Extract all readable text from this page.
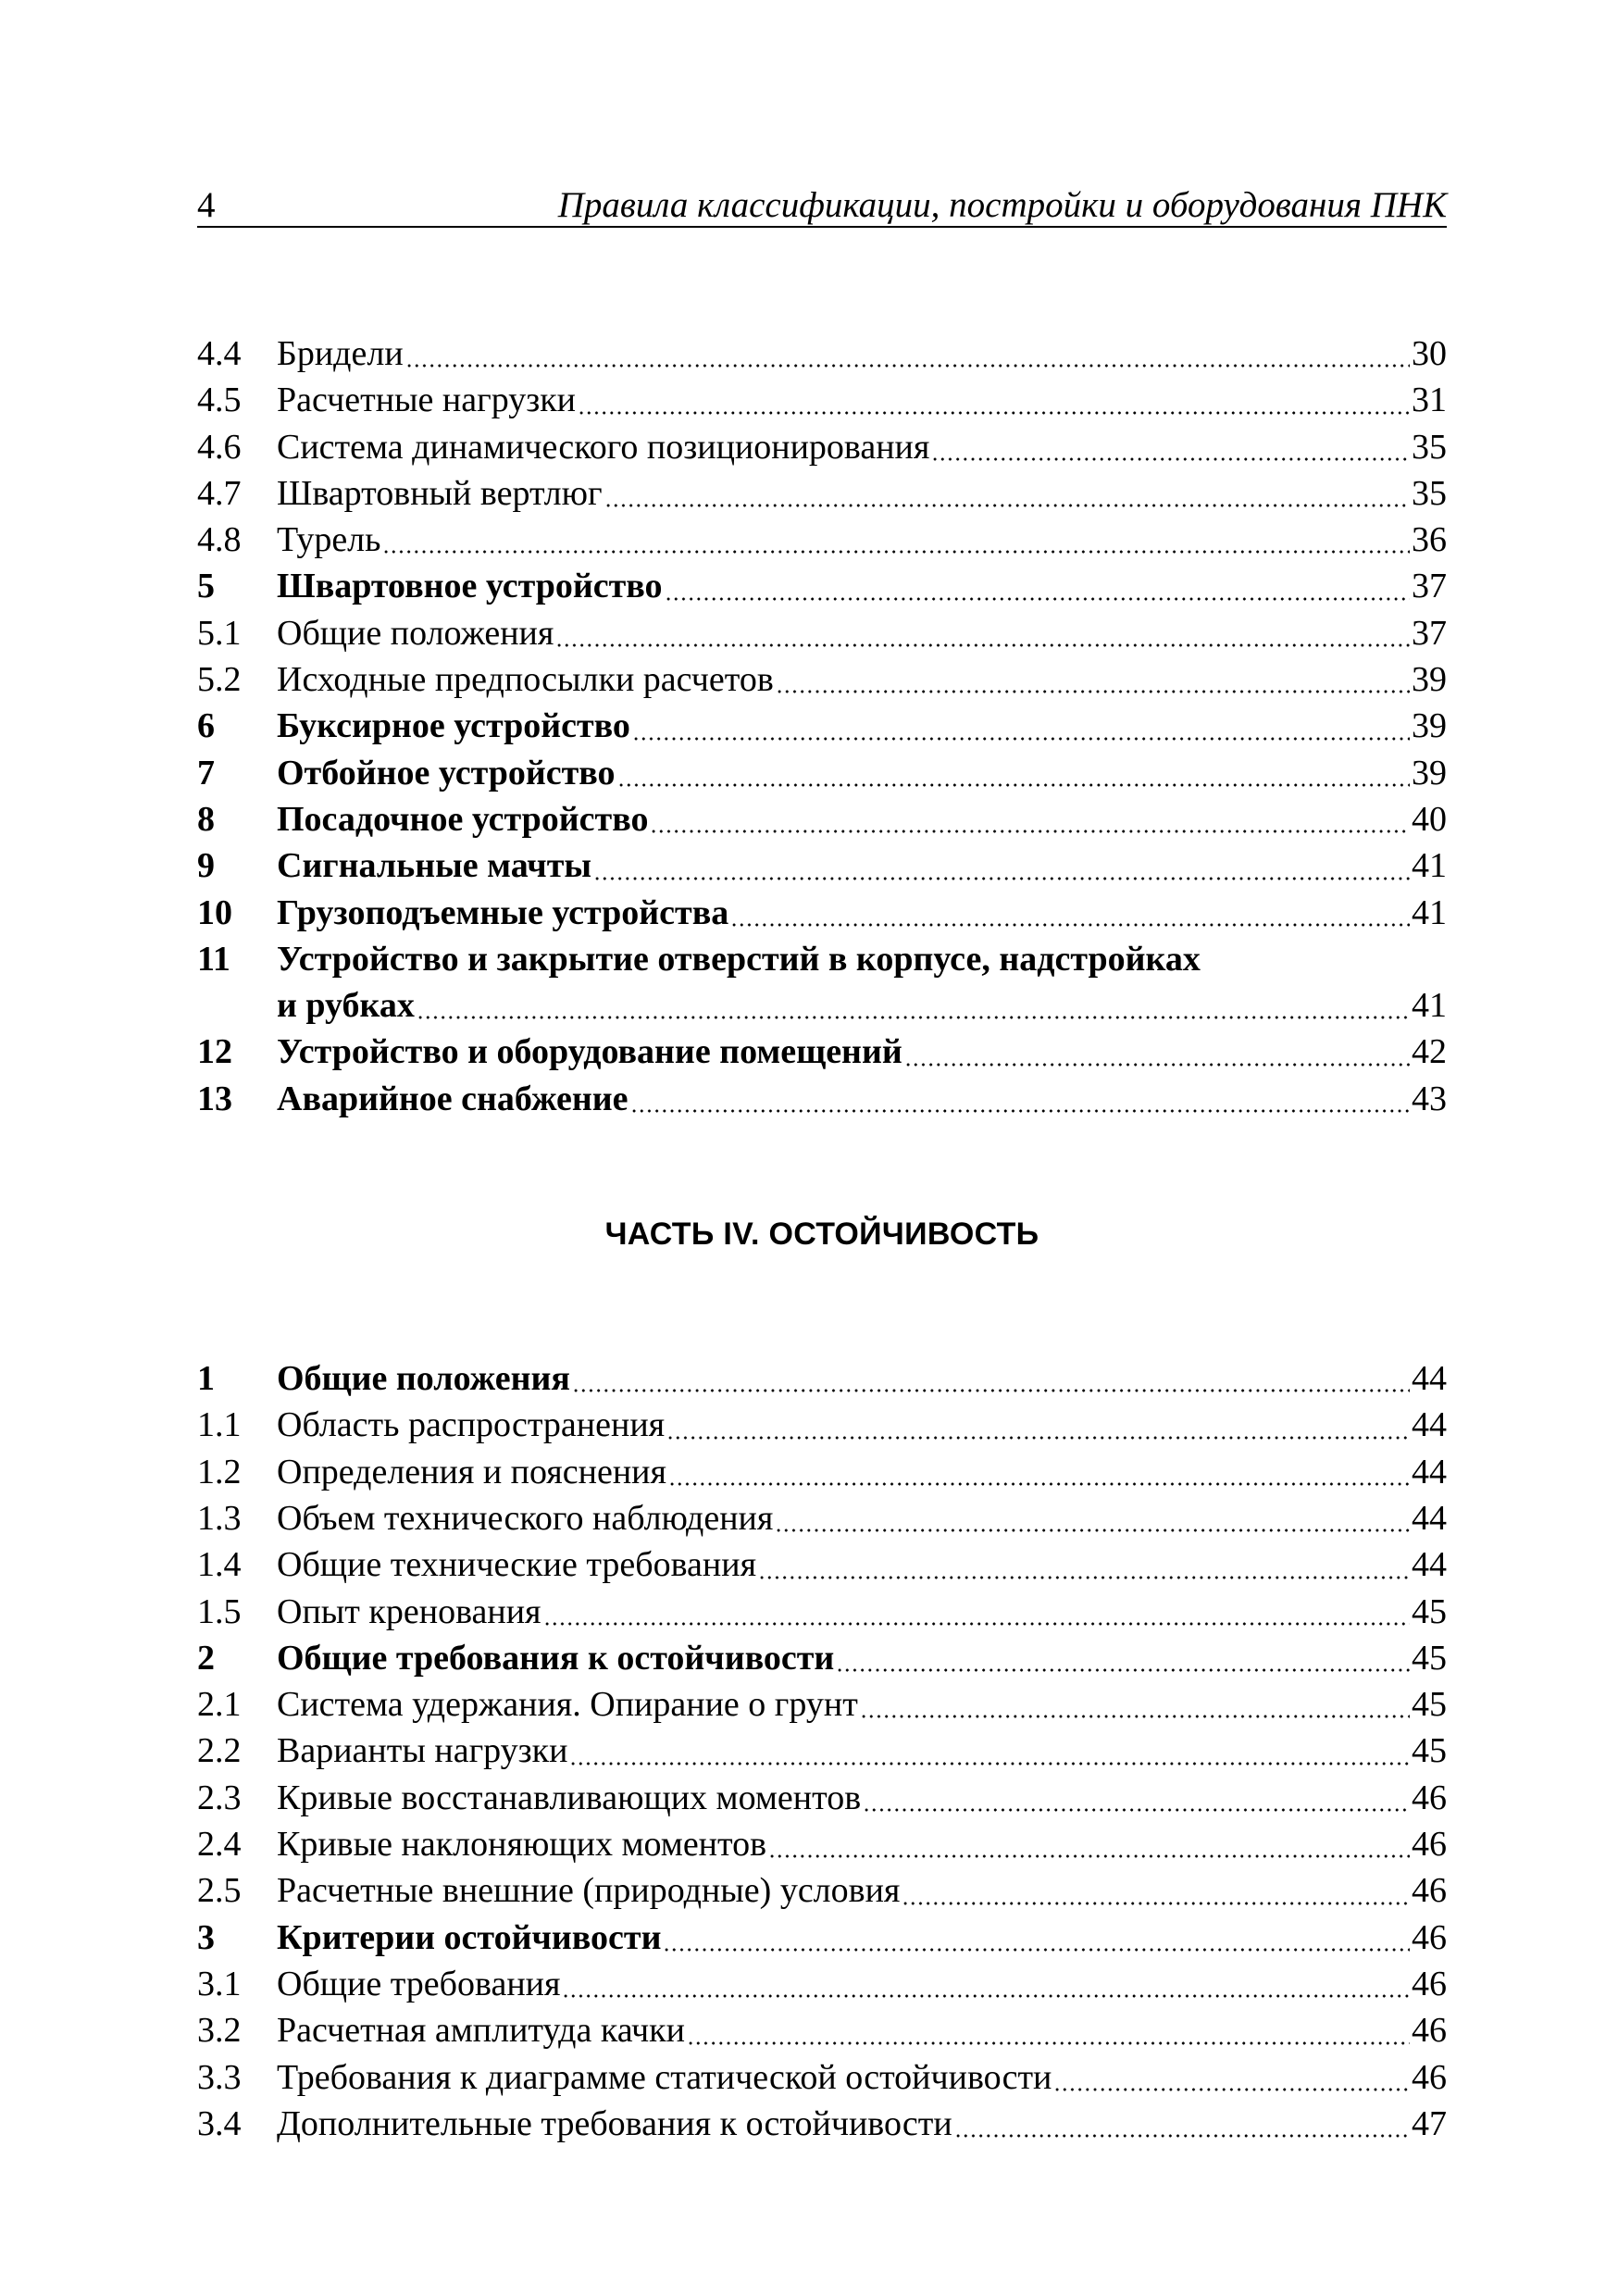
4	Правила классификации, постройки и оборудования ПНК
4.4	Бридели	30
4.5	Расчетные нагрузки	31
4.6	Система динамического позиционирования	35
4.7	Швартовный вертлюг	35
4.8	Турель	36
5	Швартовное устройство	37
5.1	Общие положения	37
5.2	Исходные предпосылки расчетов	39
6	Буксирное устройство	39
7	Отбойное устройство	39
8	Посадочное устройство	40
9	Сигнальные мачты	41
10	Грузоподъемные устройства	41
11	Устройство и закрытие отверстий в корпусе, надстройках
и рубках	41
12	Устройство и оборудование помещений	42
13	Аварийное снабжение	43
ЧАСТЬ IV. ОСТОЙЧИВОСТЬ
1	Общие положения	44
1.1	Область распространения	44
1.2	Определения и пояснения	44
1.3	Объем технического наблюдения	44
1.4	Общие технические требования	44
1.5	Опыт кренования	45
2	Общие требования к остойчивости	45
2.1	Система удержания. Опирание о грунт	45
2.2	Варианты нагрузки	45
2.3	Кривые восстанавливающих моментов	46
2.4	Кривые наклоняющих моментов	46
2.5	Расчетные внешние (природные) условия	46
3	Критерии остойчивости	46
3.1	Общие требования	46
3.2	Расчетная амплитуда качки	46
3.3	Требования к диаграмме статической остойчивости	46
3.4	Дополнительные требования к остойчивости	47
